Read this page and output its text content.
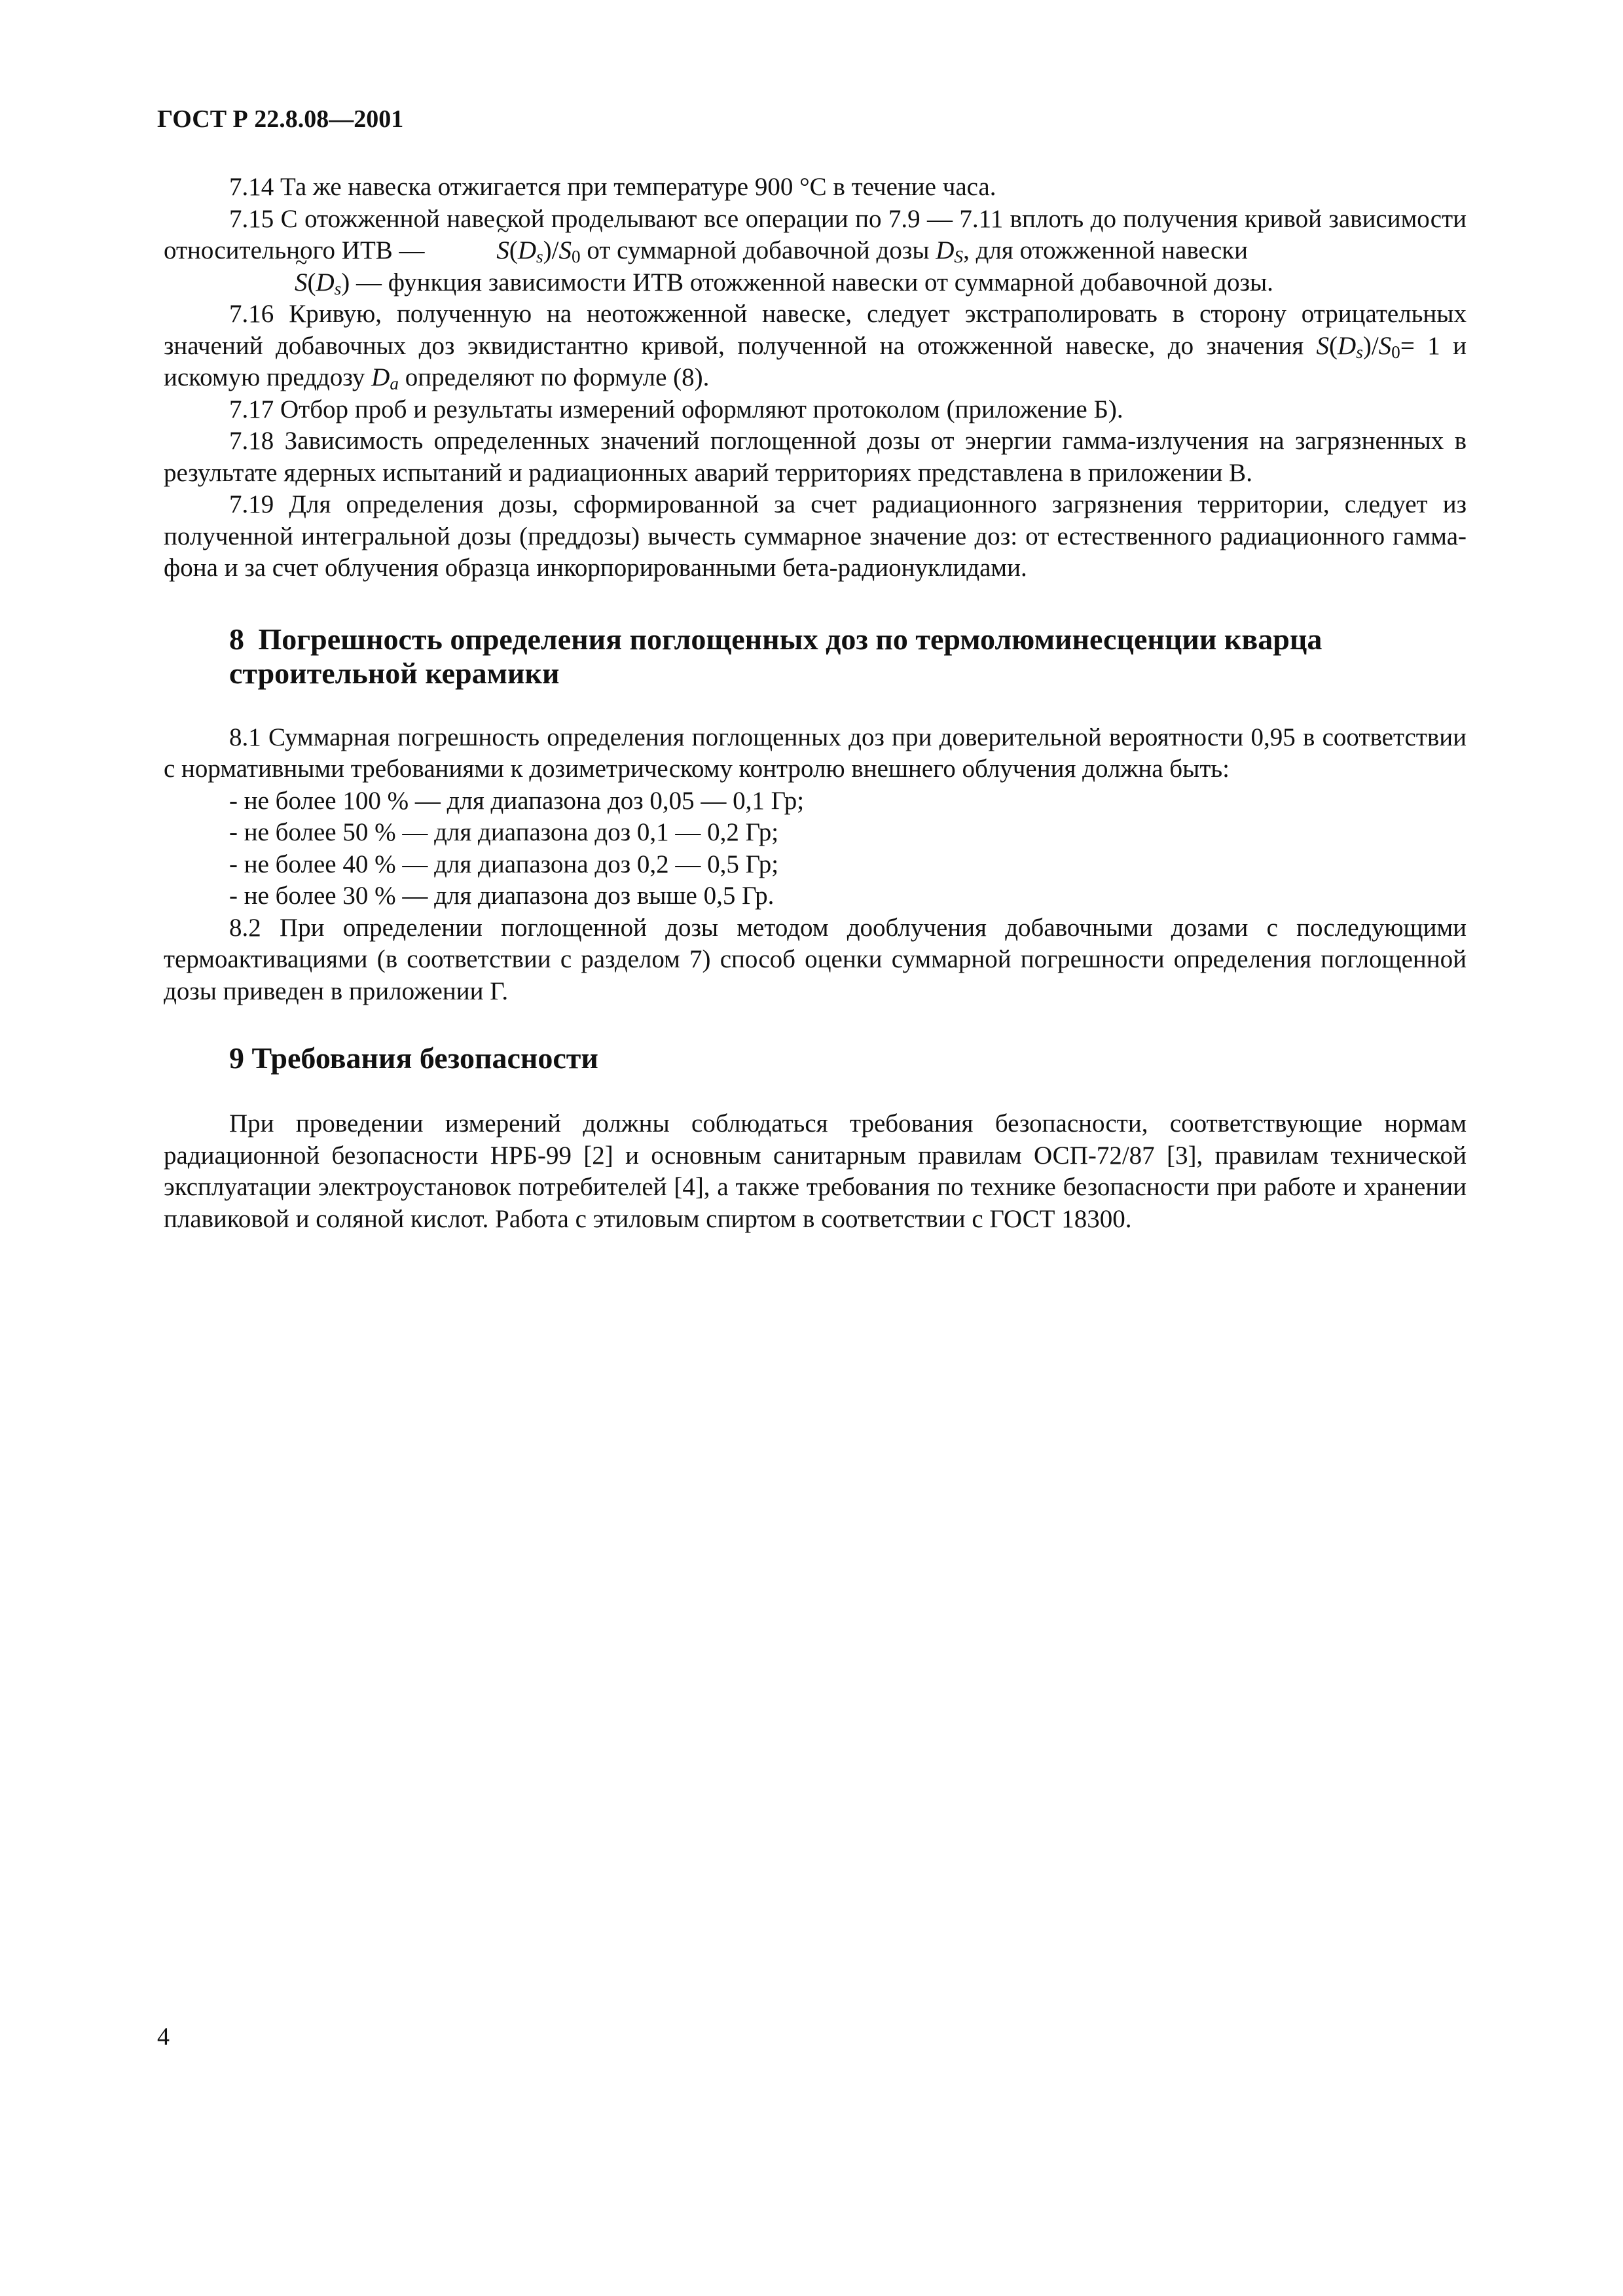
ГОСТ Р 22.8.08—2001

7.14 Та же навеска отжигается при температуре 900 °С в течение часа.

7.15 С отожженной навеской проделывают все операции по 7.9 — 7.11 вплоть до получения кривой зависимости относительного ИТВ — ~	$S(D_s)/S_0$ от суммарной добавочной дозы $D_S$, для отожженной навески

~ $S(D_s)$ — функция зависимости ИТВ отожженной навески от суммарной добавочной дозы.

7.16 Кривую, полученную на неотожженной навеске, следует экстраполировать в сторону отрицательных значений добавочных доз эквидистантно кривой, полученной на отожженной навеске, до значения $S(D_s)/S_0= 1$ и искомую преддозу $D_a$ определяют по формуле (8).

7.17 Отбор проб и результаты измерений оформляют протоколом (приложение Б).

7.18 Зависимость определенных значений поглощенной дозы от энергии гамма-излучения на загрязненных в результате ядерных испытаний и радиационных аварий территориях представлена в приложении В.

7.19 Для определения дозы, сформированной за счет радиационного загрязнения территории, следует из полученной интегральной дозы (преддозы) вычесть суммарное значение доз: от естественного радиационного гамма-фона и за счет облучения образца инкорпорированными бета-радионуклидами.

8 Погрешность определения поглощенных доз по термолюминесценции кварца
строительной керамики

8.1 Суммарная погрешность определения поглощенных доз при доверительной вероятности 0,95 в соответствии с нормативными требованиями к дозиметрическому контролю внешнего облучения должна быть:

- не более 100 % — для диапазона доз 0,05 — 0,1 Гр;

- не более 50 % — для диапазона доз 0,1 — 0,2 Гр;

- не более 40 % — для диапазона доз 0,2 — 0,5 Гр;

- не более 30 % — для диапазона доз выше 0,5 Гр.

8.2 При определении поглощенной дозы методом дооблучения добавочными дозами с последующими термоактивациями (в соответствии с разделом 7) способ оценки суммарной погрешности определения поглощенной дозы приведен в приложении Г.

9 Требования безопасности

При проведении измерений должны соблюдаться требования безопасности, соответствующие нормам радиационной безопасности НРБ-99 [2] и основным санитарным правилам ОСП-72/87 [3], правилам технической эксплуатации электроустановок потребителей [4], а также требования по технике безопасности при работе и хранении плавиковой и соляной кислот. Работа с этиловым спиртом в соответствии с ГОСТ 18300.

4
